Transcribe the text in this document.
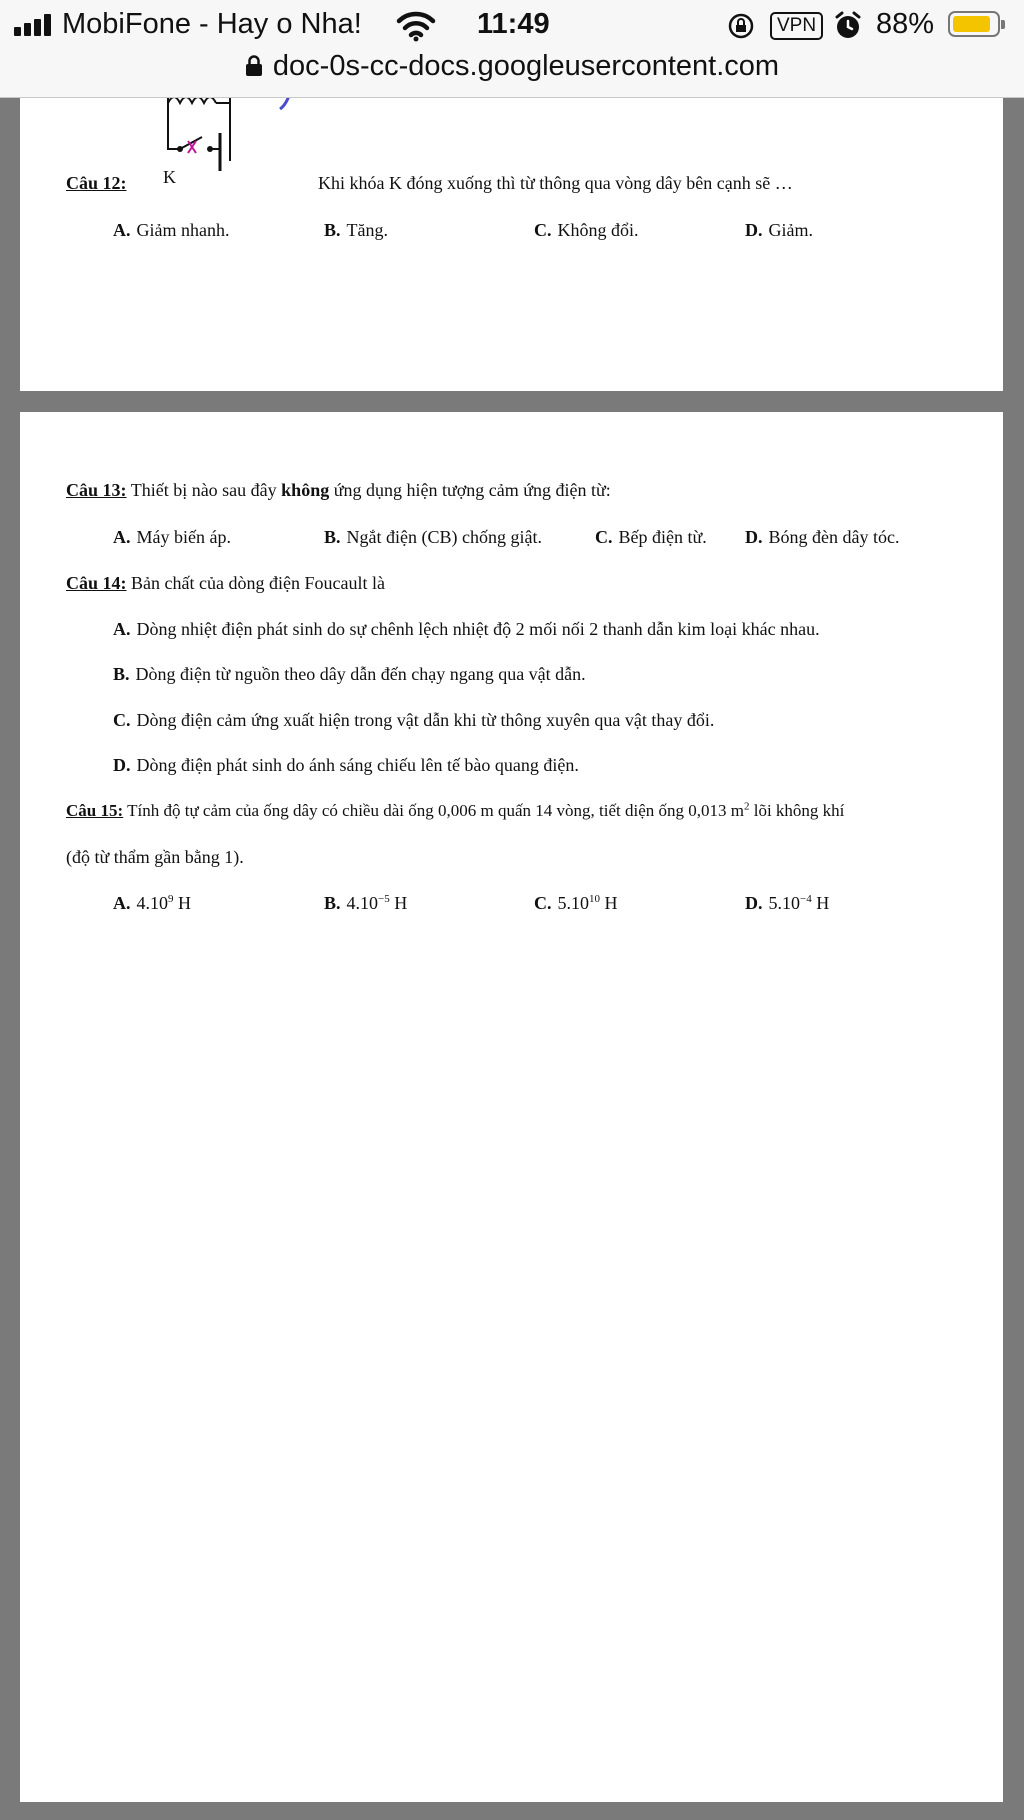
MobiFone - Hay o Nha!	11:49	VPN 88%
doc-0s-cc-docs.googleusercontent.com
K
Câu 12:	Khi khóa K đóng xuống thì từ thông qua vòng dây bên cạnh sẽ …
A. Giảm nhanh.	B. Tăng.	C. Không đổi.	D. Giảm.
Câu 13: Thiết bị nào sau đây không ứng dụng hiện tượng cảm ứng điện từ:
A. Máy biến áp.	B. Ngắt điện (CB) chống giật.	C. Bếp điện từ. D. Bóng đèn dây tóc.
Câu 14: Bản chất của dòng điện Foucault là
A. Dòng nhiệt điện phát sinh do sự chênh lệch nhiệt độ 2 mối nối 2 thanh dẫn kim loại khác nhau.
B. Dòng điện từ nguồn theo dây dẫn đến chạy ngang qua vật dẫn.
C. Dòng điện cảm ứng xuất hiện trong vật dẫn khi từ thông xuyên qua vật thay đổi.
D. Dòng điện phát sinh do ánh sáng chiếu lên tế bào quang điện.
Câu 15: Tính độ tự cảm của ống dây có chiều dài ống 0,006 m quấn 14 vòng, tiết diện ống 0,013 $m^2$ lõi không khí
(độ từ thẩm gần bằng 1).
A. 4.10$^9$ H	B. $4.10^{-5}$ H	C. 5.10$^{10}$ H	D. $5.10^{-4}$ H
